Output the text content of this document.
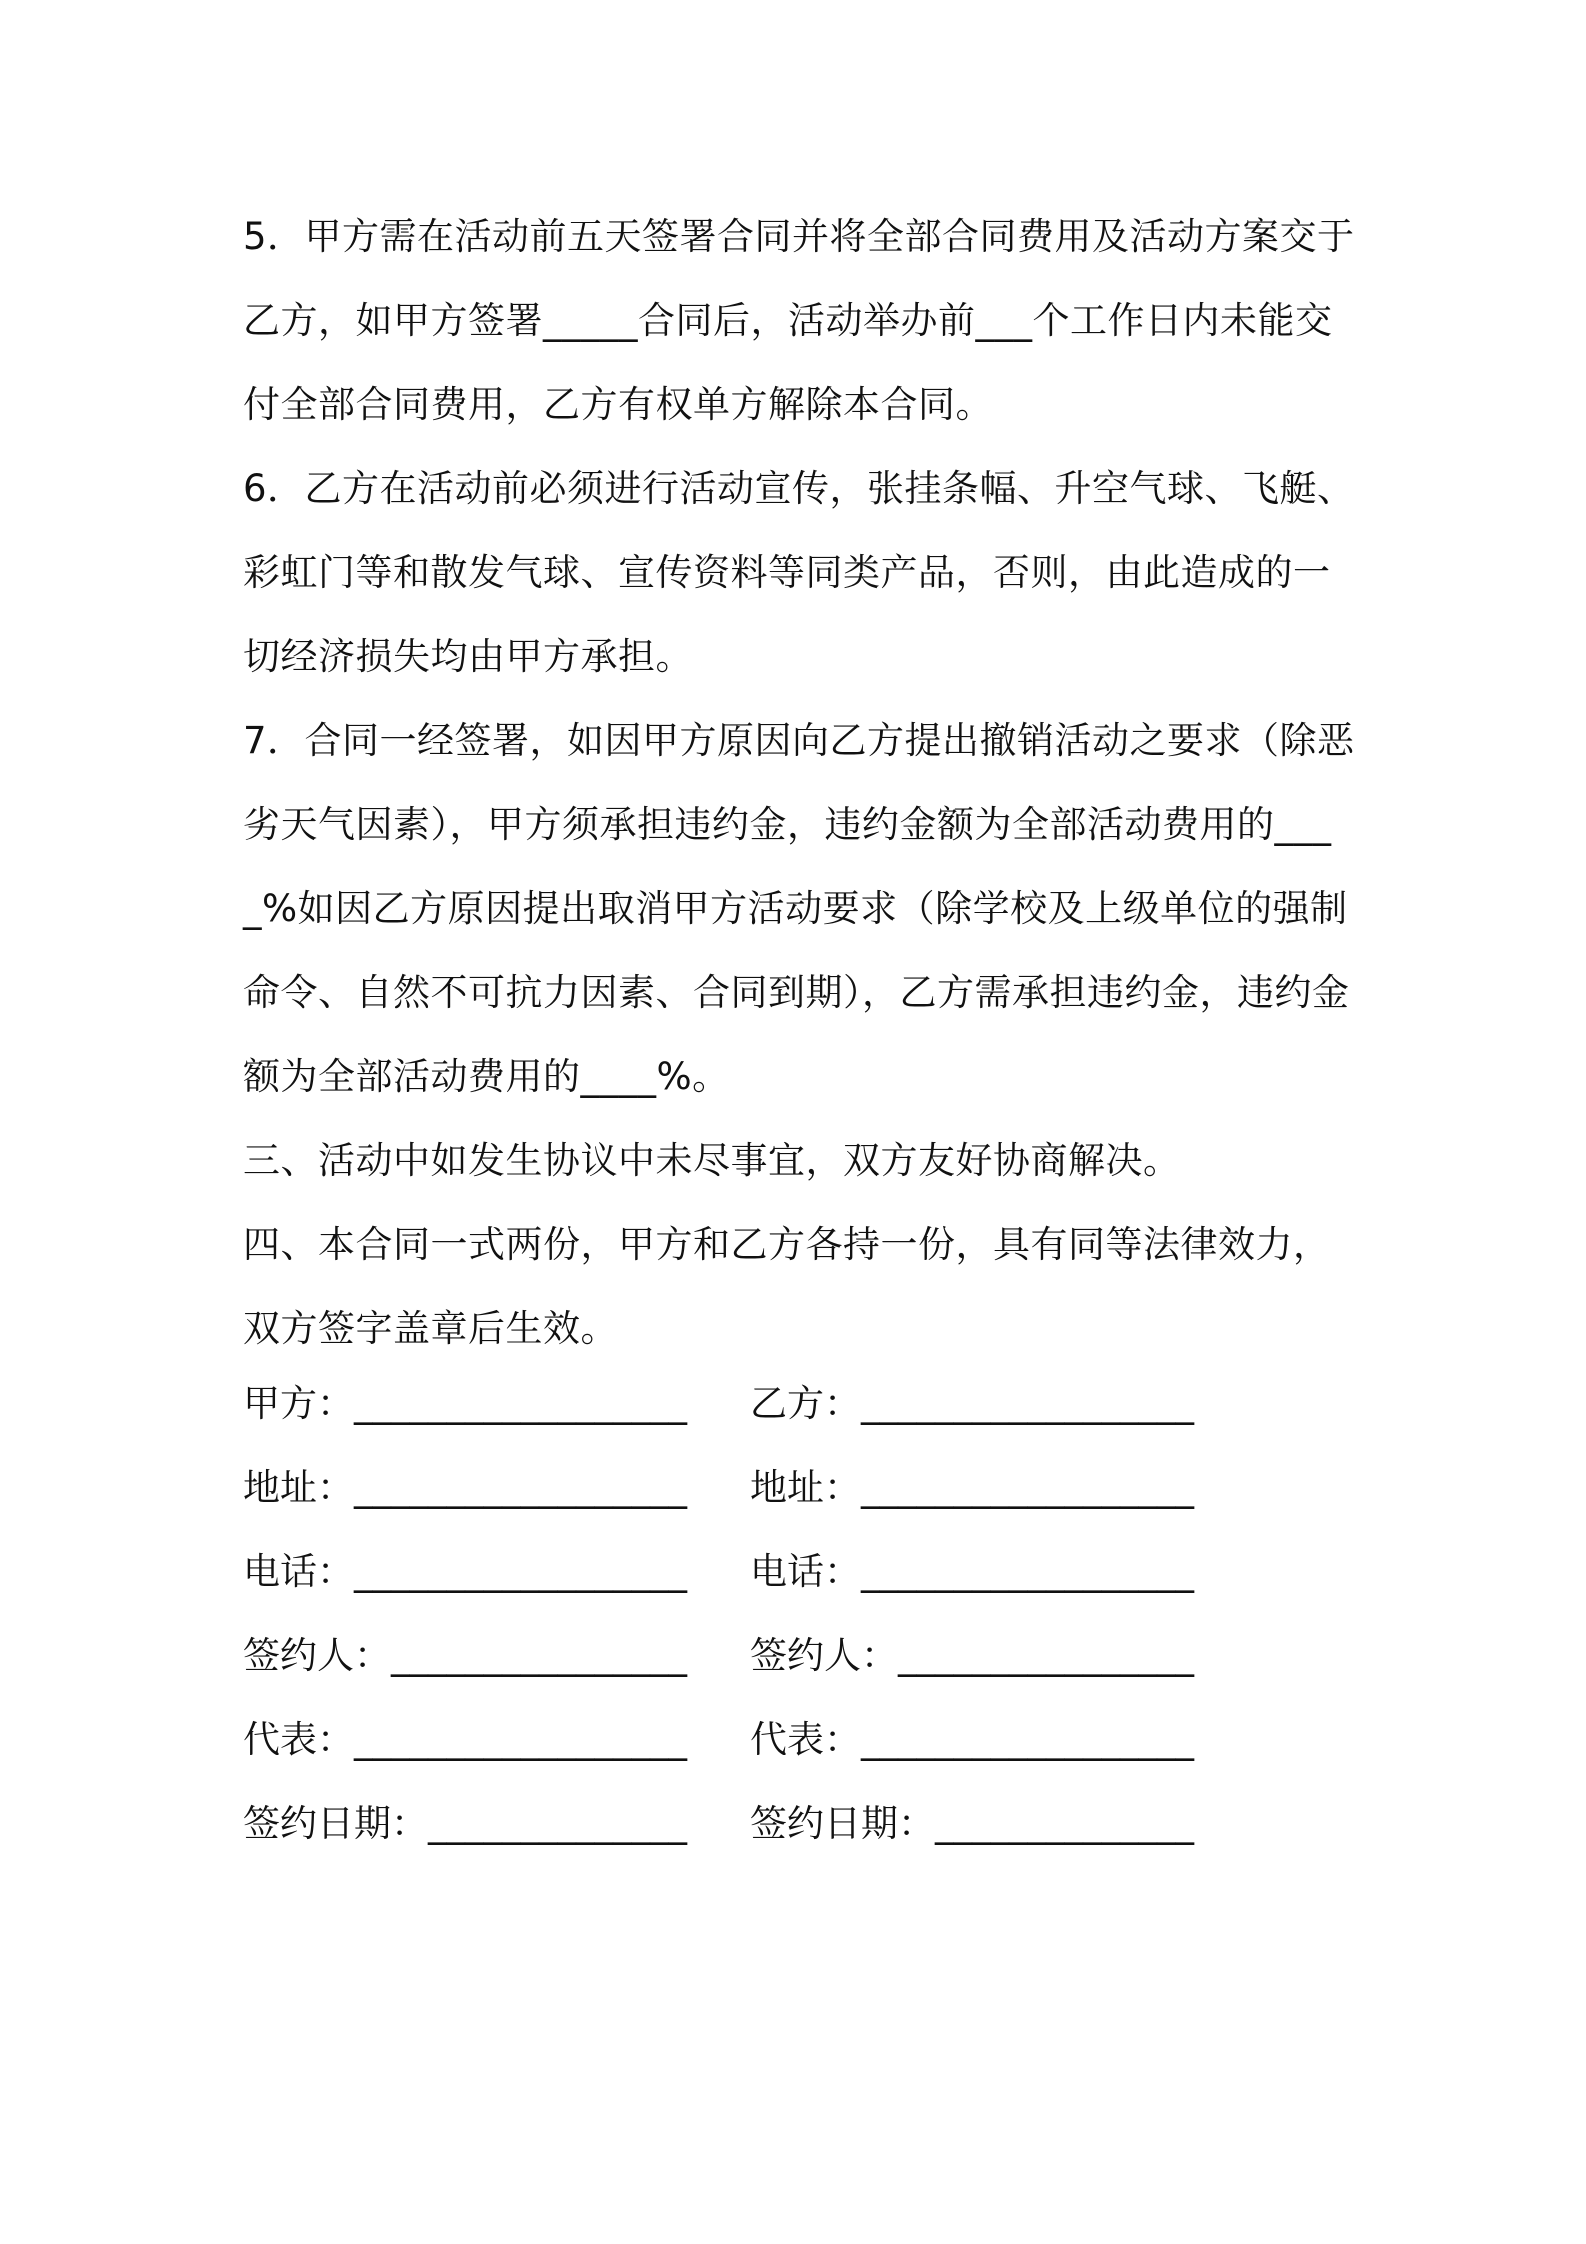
5．甲方需在活动前五天签署合同并将全部合同费用及活动方案交于乙方，如甲方签署_____合同后，活动举办前___个工作日内未能交付全部合同费用，乙方有权单方解除本合同。

6．乙方在活动前必须进行活动宣传，张挂条幅、升空气球、飞艇、彩虹门等和散发气球、宣传资料等同类产品，否则，由此造成的一切经济损失均由甲方承担。

7．合同一经签署，如因甲方原因向乙方提出撤销活动之要求（除恶劣天气因素），甲方须承担违约金，违约金额为全部活动费用的____%如因乙方原因提出取消甲方活动要求（除学校及上级单位的强制命令、自然不可抗力因素、合同到期），乙方需承担违约金，违约金额为全部活动费用的____%。

三、活动中如发生协议中未尽事宜，双方友好协商解决。

四、本合同一式两份，甲方和乙方各持一份，具有同等法律效力，双方签字盖章后生效。

甲方：__________________ 乙方：__________________
地址：__________________ 地址：__________________
电话：__________________ 电话：__________________
签约人：________________ 签约人：________________
代表：__________________ 代表：__________________
签约日期：______________ 签约日期：______________
